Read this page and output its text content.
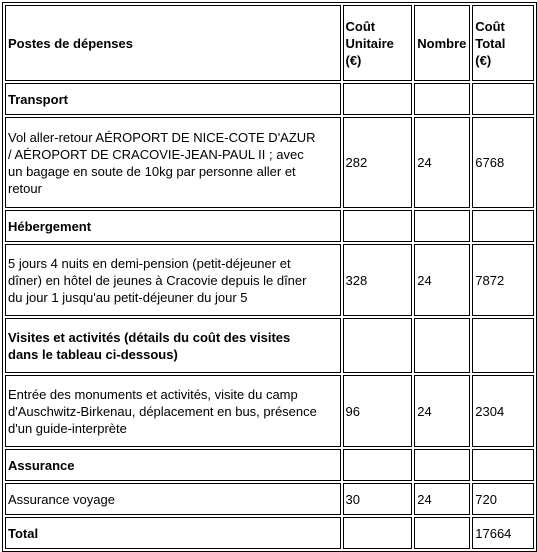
Postes de dépenses	Coût
Unitaire
(€)	Nombre	Coût
Total
(€)
Transport			
Vol aller-retour AÉROPORT DE NICE-COTE D'AZUR
/ AÉROPORT DE CRACOVIE-JEAN-PAUL II ; avec
un bagage en soute de 10kg par personne aller et
retour	282	24	6768
Hébergement			
5 jours 4 nuits en demi-pension (petit-déjeuner et
dîner) en hôtel de jeunes à Cracovie depuis le dîner
du jour 1 jusqu'au petit-déjeuner du jour 5	328	24	7872
Visites et activités (détails du coût des visites
dans le tableau ci-dessous)			
Entrée des monuments et activités, visite du camp
d'Auschwitz-Birkenau, déplacement en bus, présence
d'un guide-interprète	96	24	2304
Assurance			
Assurance voyage	30	24	720
Total			17664
